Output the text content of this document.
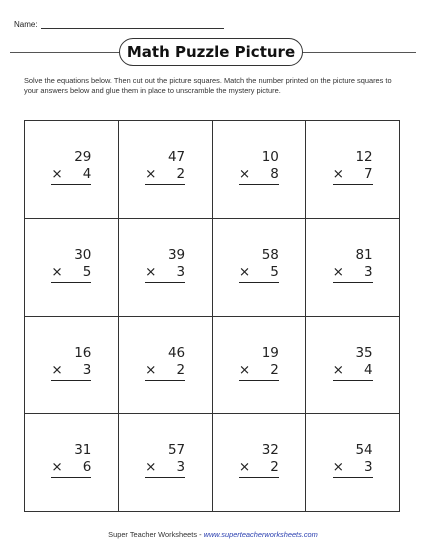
Name:
Math Puzzle Picture
Solve the equations below. Then cut out the picture squares. Match the number printed on the picture squares to your answers below and glue them in place to unscramble the mystery picture.
29
× 4
47
× 2
10
× 8
12
× 7
30
× 5
39
× 3
58
× 5
81
× 3
16
× 3
46
× 2
19
× 2
35
× 4
31
× 6
57
× 3
32
× 2
54
× 3
Super Teacher Worksheets - www.superteacherworksheets.com
